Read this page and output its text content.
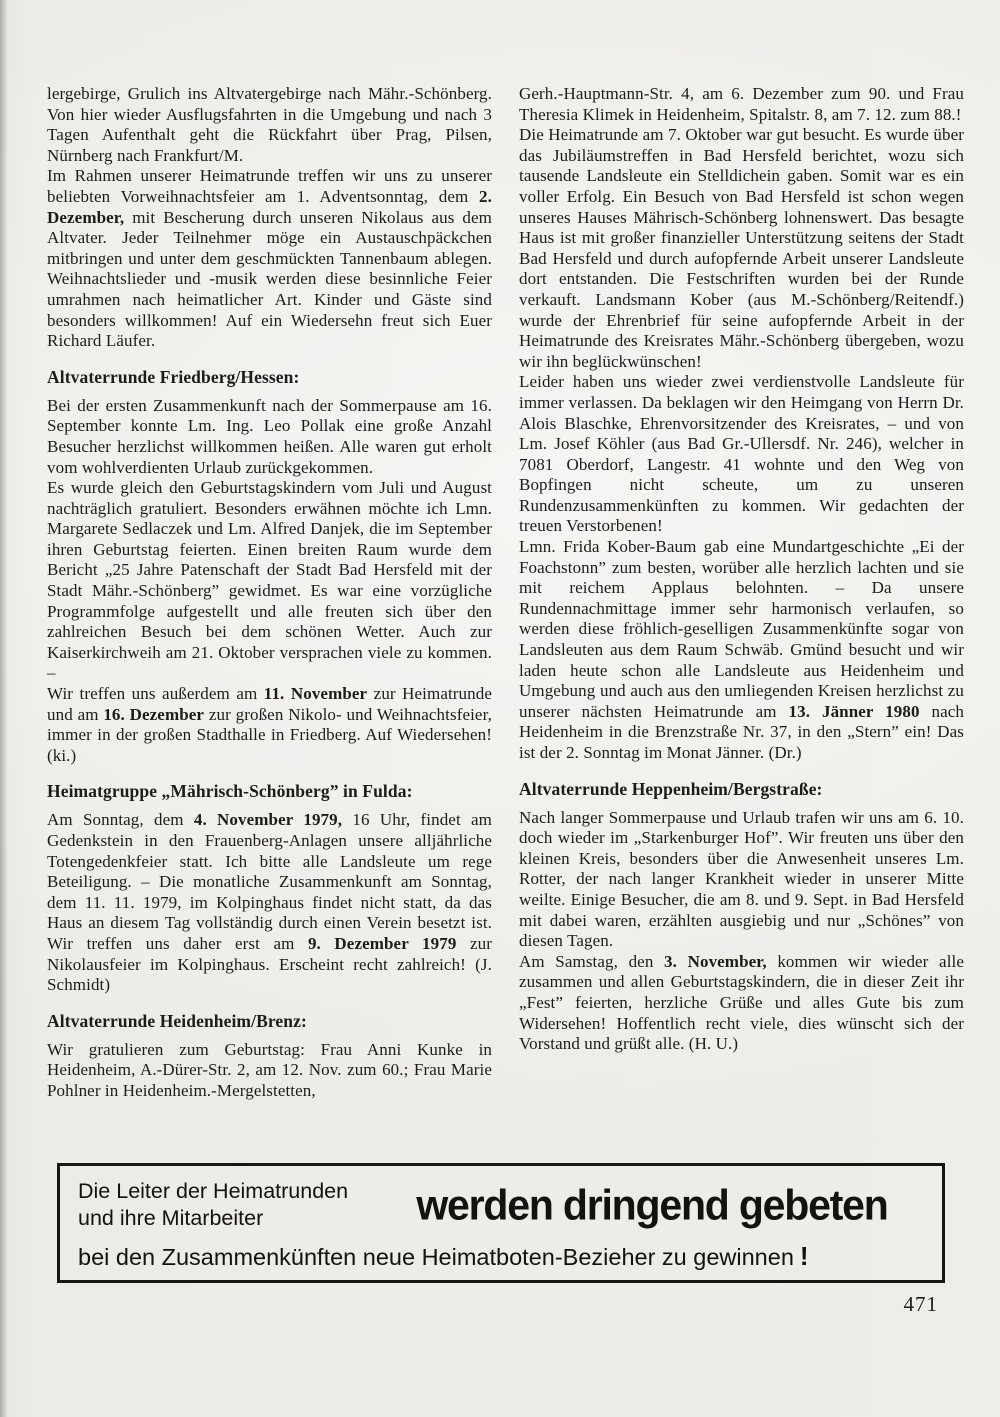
lergebirge, Grulich ins Altvatergebirge nach Mähr.-Schönberg. Von hier wieder Ausflugsfahrten in die Umgebung und nach 3 Tagen Aufenthalt geht die Rückfahrt über Prag, Pilsen, Nürnberg nach Frankfurt/M.

Im Rahmen unserer Heimatrunde treffen wir uns zu unserer beliebten Vorweihnachtsfeier am 1. Adventsonntag, dem 2. Dezember, mit Bescherung durch unseren Nikolaus aus dem Altvater. Jeder Teilnehmer möge ein Austauschpäckchen mitbringen und unter dem geschmückten Tannenbaum ablegen. Weihnachtslieder und -musik werden diese besinnliche Feier umrahmen nach heimatlicher Art. Kinder und Gäste sind besonders willkommen! Auf ein Wiedersehn freut sich Euer Richard Läufer.

Altvaterrunde Friedberg/Hessen:

Bei der ersten Zusammenkunft nach der Sommerpause am 16. September konnte Lm. Ing. Leo Pollak eine große Anzahl Besucher herzlichst willkommen heißen. Alle waren gut erholt vom wohlverdienten Urlaub zurückgekommen.

Es wurde gleich den Geburtstagskindern vom Juli und August nachträglich gratuliert. Besonders erwähnen möchte ich Lmn. Margarete Sedlaczek und Lm. Alfred Danjek, die im September ihren Geburtstag feierten. Einen breiten Raum wurde dem Bericht „25 Jahre Patenschaft der Stadt Bad Hersfeld mit der Stadt Mähr.-Schönberg” gewidmet. Es war eine vorzügliche Programmfolge aufgestellt und alle freuten sich über den zahlreichen Besuch bei dem schönen Wetter. Auch zur Kaiserkirchweih am 21. Oktober versprachen viele zu kommen. –

Wir treffen uns außerdem am 11. November zur Heimatrunde und am 16. Dezember zur großen Nikolo- und Weihnachtsfeier, immer in der großen Stadthalle in Friedberg. Auf Wiedersehen! (ki.)

Heimatgruppe „Mährisch-Schönberg” in Fulda:

Am Sonntag, dem 4. November 1979, 16 Uhr, findet am Gedenkstein in den Frauenberg-Anlagen unsere alljährliche Totengedenkfeier statt. Ich bitte alle Landsleute um rege Beteiligung. – Die monatliche Zusammenkunft am Sonntag, dem 11. 11. 1979, im Kolpinghaus findet nicht statt, da das Haus an diesem Tag vollständig durch einen Verein besetzt ist. Wir treffen uns daher erst am 9. Dezember 1979 zur Nikolausfeier im Kolpinghaus. Erscheint recht zahlreich! (J. Schmidt)

Altvaterrunde Heidenheim/Brenz:

Wir gratulieren zum Geburtstag: Frau Anni Kunke in Heidenheim, A.-Dürer-Str. 2, am 12. Nov. zum 60.; Frau Marie Pohlner in Heidenheim.-Mergelstetten,

Gerh.-Hauptmann-Str. 4, am 6. Dezember zum 90. und Frau Theresia Klimek in Heidenheim, Spitalstr. 8, am 7. 12. zum 88.!

Die Heimatrunde am 7. Oktober war gut besucht. Es wurde über das Jubiläumstreffen in Bad Hersfeld berichtet, wozu sich tausende Landsleute ein Stelldichein gaben. Somit war es ein voller Erfolg. Ein Besuch von Bad Hersfeld ist schon wegen unseres Hauses Mährisch-Schönberg lohnenswert. Das besagte Haus ist mit großer finanzieller Unterstützung seitens der Stadt Bad Hersfeld und durch aufopfernde Arbeit unserer Landsleute dort entstanden. Die Festschriften wurden bei der Runde verkauft. Landsmann Kober (aus M.-Schönberg/Reitendf.) wurde der Ehrenbrief für seine aufopfernde Arbeit in der Heimatrunde des Kreisrates Mähr.-Schönberg übergeben, wozu wir ihn beglückwünschen!

Leider haben uns wieder zwei verdienstvolle Landsleute für immer verlassen. Da beklagen wir den Heimgang von Herrn Dr. Alois Blaschke, Ehrenvorsitzender des Kreisrates, – und von Lm. Josef Köhler (aus Bad Gr.-Ullersdf. Nr. 246), welcher in 7081 Oberdorf, Langestr. 41 wohnte und den Weg von Bopfingen nicht scheute, um zu unseren Rundenzusammenkünften zu kommen. Wir gedachten der treuen Verstorbenen!

Lmn. Frida Kober-Baum gab eine Mundartgeschichte „Ei der Foachstonn” zum besten, worüber alle herzlich lachten und sie mit reichem Applaus belohnten. – Da unsere Rundennachmittage immer sehr harmonisch verlaufen, so werden diese fröhlich-geselligen Zusammenkünfte sogar von Landsleuten aus dem Raum Schwäb. Gmünd besucht und wir laden heute schon alle Landsleute aus Heidenheim und Umgebung und auch aus den umliegenden Kreisen herzlichst zu unserer nächsten Heimatrunde am 13. Jänner 1980 nach Heidenheim in die Brenzstraße Nr. 37, in den „Stern” ein! Das ist der 2. Sonntag im Monat Jänner. (Dr.)

Altvaterrunde Heppenheim/Bergstraße:

Nach langer Sommerpause und Urlaub trafen wir uns am 6. 10. doch wieder im „Starkenburger Hof”. Wir freuten uns über den kleinen Kreis, besonders über die Anwesenheit unseres Lm. Rotter, der nach langer Krankheit wieder in unserer Mitte weilte. Einige Besucher, die am 8. und 9. Sept. in Bad Hersfeld mit dabei waren, erzählten ausgiebig und nur „Schönes” von diesen Tagen.

Am Samstag, den 3. November, kommen wir wieder alle zusammen und allen Geburtstagskindern, die in dieser Zeit ihr „Fest” feierten, herzliche Grüße und alles Gute bis zum Widersehen! Hoffentlich recht viele, dies wünscht sich der Vorstand und grüßt alle. (H. U.)

Die Leiter der Heimatrunden
und ihre Mitarbeiter	werden dringend gebeten
bei den Zusammenkünften neue Heimatboten-Bezieher zu gewinnen !
471
